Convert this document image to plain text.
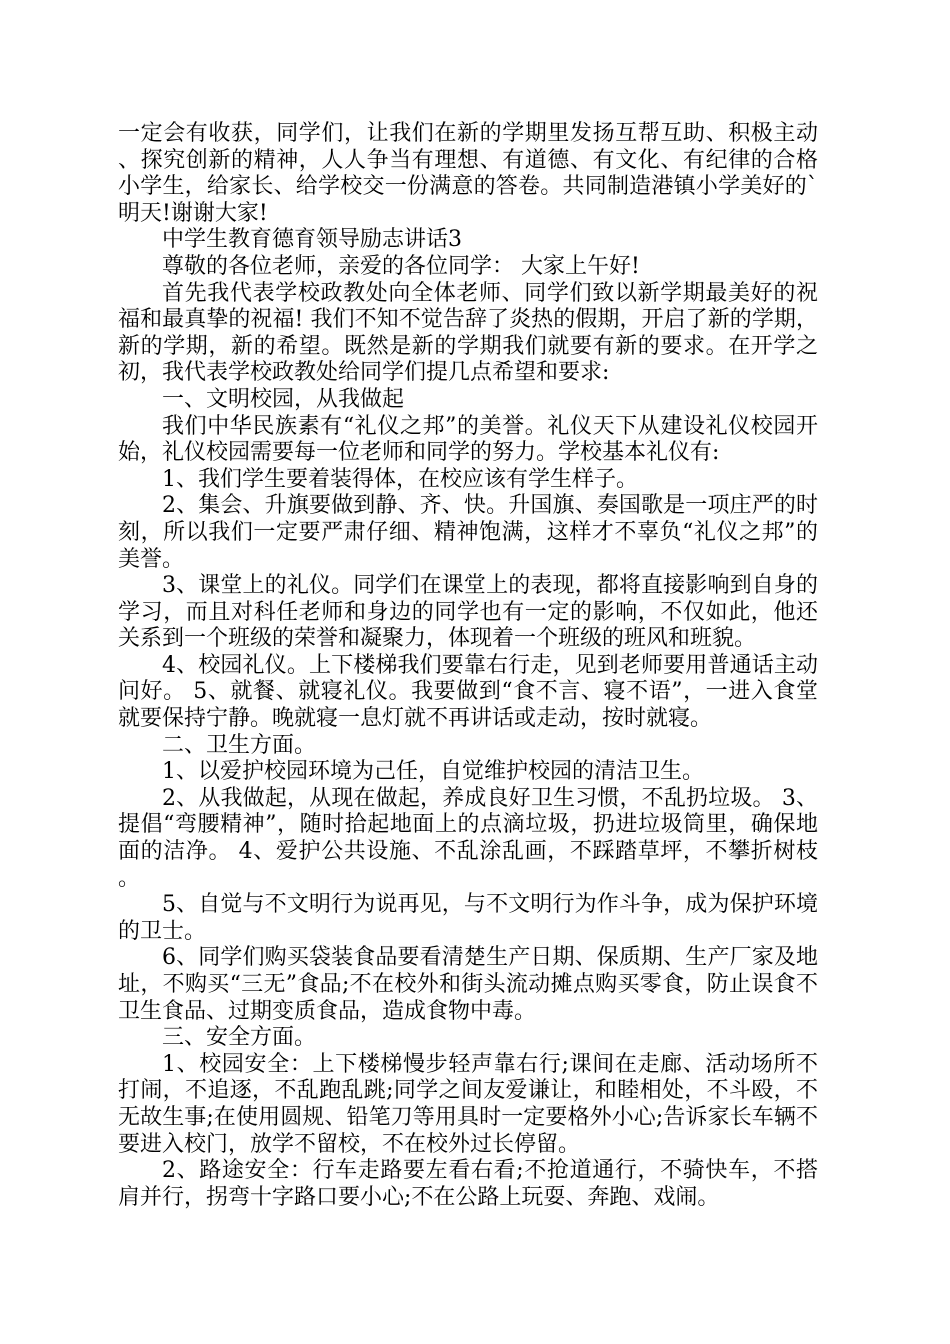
一定会有收获，同学们，让我们在新的学期里发扬互帮互助、积极主动、探究创新的精神，人人争当有理想、有道德、有文化、有纪律的合格小学生，给家长、给学校交一份满意的答卷。共同制造港镇小学美好的`明天!谢谢大家!

中学生教育德育领导励志讲话3

尊敬的各位老师，亲爱的各位同学： 大家上午好!

首先我代表学校政教处向全体老师、同学们致以新学期最美好的祝福和最真挚的祝福! 我们不知不觉告辞了炎热的假期，开启了新的学期，新的学期，新的希望。既然是新的学期我们就要有新的要求。在开学之初，我代表学校政教处给同学们提几点希望和要求:

一、文明校园，从我做起

我们中华民族素有“礼仪之邦”的美誉。礼仪天下从建设礼仪校园开始，礼仪校园需要每一位老师和同学的努力。学校基本礼仪有:

1、我们学生要着装得体，在校应该有学生样子。

2、集会、升旗要做到静、齐、快。升国旗、奏国歌是一项庄严的时刻，所以我们一定要严肃仔细、精神饱满，这样才不辜负“礼仪之邦”的美誉。

3、课堂上的礼仪。同学们在课堂上的表现，都将直接影响到自身的学习，而且对科任老师和身边的同学也有一定的影响，不仅如此，他还关系到一个班级的荣誉和凝聚力，体现着一个班级的班风和班貌。

4、校园礼仪。上下楼梯我们要靠右行走，见到老师要用普通话主动问好。 5、就餐、就寝礼仪。我要做到“食不言、寝不语”，一进入食堂就要保持宁静。晚就寝一息灯就不再讲话或走动，按时就寝。

二、卫生方面。

1、以爱护校园环境为己任，自觉维护校园的清洁卫生。

2、从我做起，从现在做起，养成良好卫生习惯，不乱扔垃圾。 3、提倡“弯腰精神”，随时拾起地面上的点滴垃圾，扔进垃圾筒里，确保地面的洁净。 4、爱护公共设施、不乱涂乱画，不踩踏草坪，不攀折树枝。

5、自觉与不文明行为说再见，与不文明行为作斗争，成为保护环境的卫士。

6、同学们购买袋装食品要看清楚生产日期、保质期、生产厂家及地址，不购买“三无”食品;不在校外和街头流动摊点购买零食，防止误食不卫生食品、过期变质食品，造成食物中毒。

三、安全方面。

1、校园安全：上下楼梯慢步轻声靠右行;课间在走廊、活动场所不打闹，不追逐，不乱跑乱跳;同学之间友爱谦让，和睦相处，不斗殴，不无故生事;在使用圆规、铅笔刀等用具时一定要格外小心;告诉家长车辆不要进入校门，放学不留校，不在校外过长停留。

2、路途安全：行车走路要左看右看;不抢道通行，不骑快车，不搭肩并行，拐弯十字路口要小心;不在公路上玩耍、奔跑、戏闹。
